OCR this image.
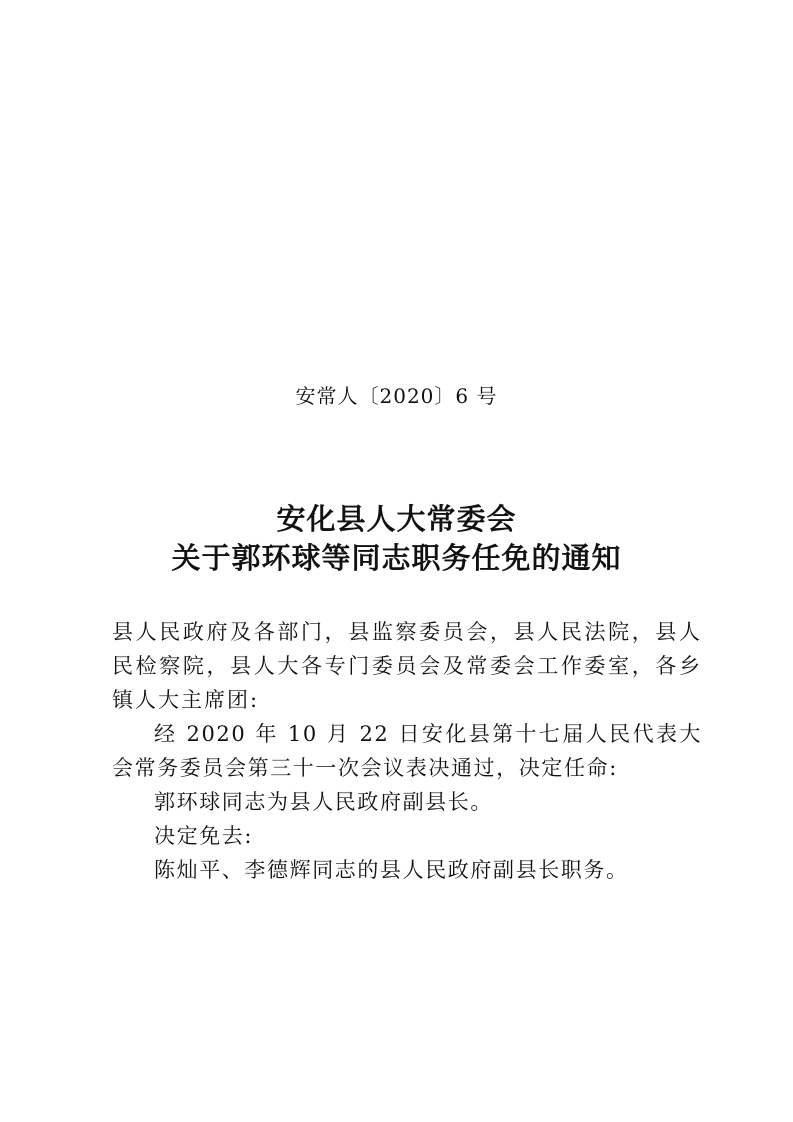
安常人〔2020〕6 号
安化县人大常委会
关于郭环球等同志职务任免的通知

县人民政府及各部门，县监察委员会，县人民法院，县人民检察院，县人大各专门委员会及常委会工作委室，各乡镇人大主席团:

经 2020 年 10 月 22 日安化县第十七届人民代表大会常务委员会第三十一次会议表决通过，决定任命:

郭环球同志为县人民政府副县长。

决定免去:

陈灿平、李德辉同志的县人民政府副县长职务。
